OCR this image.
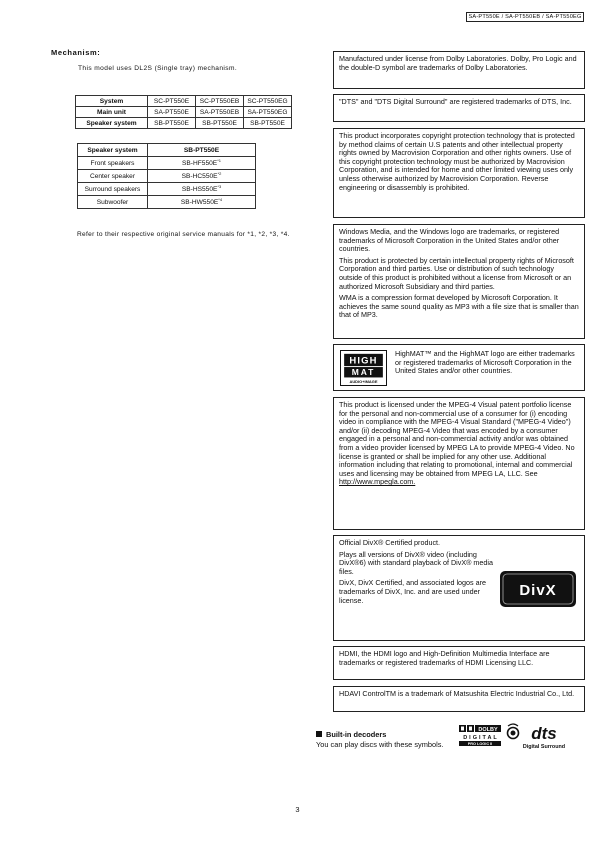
SA-PT550E / SA-PT550EB / SA-PT550EG
Mechanism:
This model uses DL2S (Single tray) mechanism.
System	SC-PT550E	SC-PT550EB	SC-PT550EG
Main unit	SA-PT550E	SA-PT550EB	SA-PT550EG
Speaker system	SB-PT550E	SB-PT550E	SB-PT550E
Speaker system	SB-PT550E
Front speakers	$SB-HF550E^{*1}$
Center speaker	$SB-HC550E^{*2}$
Surround speakers	$SB-HS550E^{*3}$
Subwoofer	$SB-HW550E^{*4}$
Refer to their respective original service manuals for *1, *2, *3, *4.

Manufactured under license from Dolby Laboratories. Dolby, Pro Logic and the double-D symbol are trademarks of Dolby Laboratories.

"DTS" and "DTS Digital Surround" are registered trademarks of DTS, Inc.

This product incorporates copyright protection technology that is protected by method claims of certain U.S patents and other intellectual property rights owned by Macrovision Corporation and other rights owners. Use of this copyright protection technology must be authorized by Macrovision Corporation, and is intended for home and other limited viewing uses only unless otherwise authorized by Macrovision Corporation. Reverse engineering or disassembly is prohibited.

Windows Media, and the Windows logo are trademarks, or registered trademarks of Microsoft Corporation in the United States and/or other countries.

This product is protected by certain intellectual property rights of Microsoft Corporation and third parties. Use or distribution of such technology outside of this product is prohibited without a license from Microsoft or an authorized Microsoft Subsidiary and third parties.

WMA is a compression format developed by Microsoft Corporation. It achieves the same sound quality as MP3 with a file size that is smaller than that of MP3.

HIGH
MAT
AUDIO+IMAGE
HighMAT™ and the HighMAT logo are either trademarks or registered trademarks of Microsoft Corporation in the United States and/or other countries.

This product is licensed under the MPEG-4 Visual patent portfolio license for the personal and non-commercial use of a consumer for (i) encoding video in compliance with the MPEG-4 Visual Standard ("MPEG-4 Video") and/or (ii) decoding MPEG-4 Video that was encoded by a consumer engaged in a personal and non-commercial activity and/or was obtained from a video provider licensed by MPEG LA to provide MPEG-4 Video. No license is granted or shall be implied for any other use. Additional information including that relating to promotional, internal and commercial uses and licensing may be obtained from MPEG LA, LLC. See http://www.mpegla.com.

Official DivX® Certified product.

Plays all versions of DivX® video (including DivX®6) with standard playback of DivX® media files.

DivX, DivX Certified, and associated logos are trademarks of DivX, Inc. and are used under license.

DivX

HDMI, the HDMI logo and High-Definition Multimedia Interface are trademarks or registered trademarks of HDMI Licensing LLC.

HDAVI ControlTM is a trademark of Matsushita Electric Industrial Co., Ltd.

Built-in decoders
You can play discs with these symbols.
DOLBY
DIGITAL
PRO LOGIC II
dts
Digital Surround
3
